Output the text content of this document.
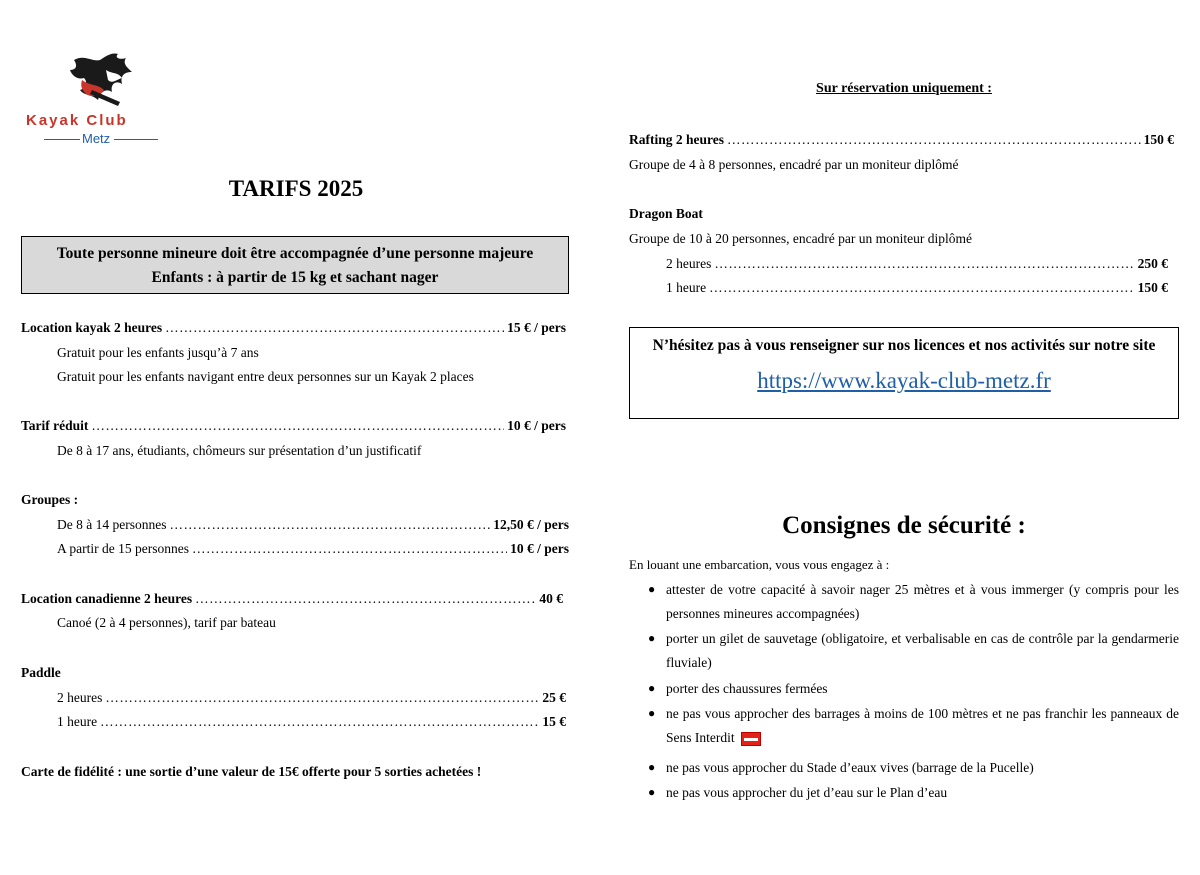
Kayak Club
Metz
TARIFS 2025
Toute personne mineure doit être accompagnée d’une personne majeure
Enfants : à partir de 15 kg et sachant nager
Location kayak 2 heures …………………………………………………………………………………………………………………………………………………………………	15 € / pers
Gratuit pour les enfants jusqu’à 7 ans
Gratuit pour les enfants navigant entre deux personnes sur un Kayak 2 places
Tarif réduit …………………………………………………………………………………………………………………………………………………………………	10 € / pers
De 8 à 17 ans, étudiants, chômeurs sur présentation d’un justificatif
Groupes :
De 8 à 14 personnes …………………………………………………………………………………………………………………………………………………………………	12,50 € / pers
A partir de 15 personnes …………………………………………………………………………………………………………………………………………………………………	10 € / pers
Location canadienne 2 heures …………………………………………………………………………………………………………………………………………………………………	40 €
Canoé (2 à 4 personnes), tarif par bateau
Paddle
2 heures …………………………………………………………………………………………………………………………………………………………………	25 €
1 heure …………………………………………………………………………………………………………………………………………………………………	15 €
Carte de fidélité : une sortie d’une valeur de 15€ offerte pour 5 sorties achetées !
Sur réservation uniquement :
Rafting 2 heures …………………………………………………………………………………………………………………………………………………………………	150 €
Groupe de 4 à 8 personnes, encadré par un moniteur diplômé
Dragon Boat
Groupe de 10 à 20 personnes, encadré par un moniteur diplômé
2 heures …………………………………………………………………………………………………………………………………………………………………	250 €
1 heure …………………………………………………………………………………………………………………………………………………………………	150 €
N’hésitez pas à vous renseigner sur nos licences et nos activités sur notre site
https://www.kayak-club-metz.fr
Consignes de sécurité :
En louant une embarcation, vous vous engagez à :
● attester de votre capacité à savoir nager 25 mètres et à vous immerger (y compris pour les personnes mineures accompagnées)
● porter un gilet de sauvetage (obligatoire, et verbalisable en cas de contrôle par la gendarmerie fluviale)
● porter des chaussures fermées
● ne pas vous approcher des barrages à moins de 100 mètres et ne pas franchir les panneaux de Sens Interdit
● ne pas vous approcher du Stade d’eaux vives (barrage de la Pucelle)
● ne pas vous approcher du jet d’eau sur le Plan d’eau
